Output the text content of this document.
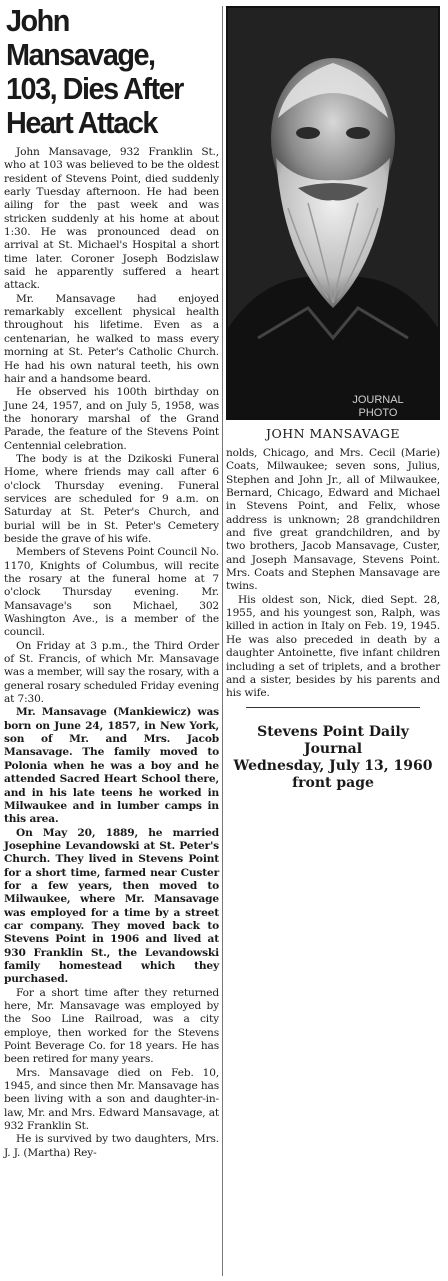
John Mansavage,
103, Dies After
Heart Attack

John Mansavage, 932 Franklin St., who at 103 was believed to be the oldest resident of Stevens Point, died suddenly early Tuesday afternoon. He had been ailing for the past week and was stricken suddenly at his home at about 1:30. He was pronounced dead on arrival at St. Michael's Hospital a short time later. Coroner Joseph Bodzislaw said he apparently suffered a heart attack.

Mr. Mansavage had enjoyed remarkably excellent physical health throughout his lifetime. Even as a centenarian, he walked to mass every morning at St. Peter's Catholic Church. He had his own natural teeth, his own hair and a handsome beard.

He observed his 100th birthday on June 24, 1957, and on July 5, 1958, was the honorary marshal of the Grand Parade, the feature of the Stevens Point Centennial celebration.

The body is at the Dzikoski Funeral Home, where friends may call after 6 o'clock Thursday evening. Funeral services are scheduled for 9 a.m. on Saturday at St. Peter's Church, and burial will be in St. Peter's Cemetery beside the grave of his wife.

Members of Stevens Point Council No. 1170, Knights of Columbus, will recite the rosary at the funeral home at 7 o'clock Thursday evening. Mr. Mansavage's son Michael, 302 Washington Ave., is a member of the council.

On Friday at 3 p.m., the Third Order of St. Francis, of which Mr. Mansavage was a member, will say the rosary, with a general rosary scheduled Friday evening at 7:30.

Mr. Mansavage (Mankiewicz) was born on June 24, 1857, in New York, son of Mr. and Mrs. Jacob Mansavage. The family moved to Polonia when he was a boy and he attended Sacred Heart School there, and in his late teens he worked in Milwaukee and in lumber camps in this area.

On May 20, 1889, he married Josephine Levandowski at St. Peter's Church. They lived in Stevens Point for a short time, farmed near Custer for a few years, then moved to Milwaukee, where Mr. Mansavage was employed for a time by a street car company. They moved back to Stevens Point in 1906 and lived at 930 Franklin St., the Levandowski family homestead which they purchased.

For a short time after they returned here, Mr. Mansavage was employed by the Soo Line Railroad, was a city employe, then worked for the Stevens Point Beverage Co. for 18 years. He has been retired for many years.

Mrs. Mansavage died on Feb. 10, 1945, and since then Mr. Mansavage has been living with a son and daughter-in-law, Mr. and Mrs. Edward Mansavage, at 932 Franklin St.

He is survived by two daughters, Mrs. J. J. (Martha) Rey-

JOURNAL
PHOTO
JOHN MANSAVAGE

nolds, Chicago, and Mrs. Cecil (Marie) Coats, Milwaukee; seven sons, Julius, Stephen and John Jr., all of Milwaukee, Bernard, Chicago, Edward and Michael in Stevens Point, and Felix, whose address is unknown; 28 grandchildren and five great grandchildren, and by two brothers, Jacob Mansavage, Custer, and Joseph Mansavage, Stevens Point. Mrs. Coats and Stephen Mansavage are twins.

His oldest son, Nick, died Sept. 28, 1955, and his youngest son, Ralph, was killed in action in Italy on Feb. 19, 1945. He was also preceded in death by a daughter Antoinette, five infant children including a set of triplets, and a brother and a sister, besides by his parents and his wife.

Stevens Point Daily Journal
Wednesday, July 13, 1960
front page
